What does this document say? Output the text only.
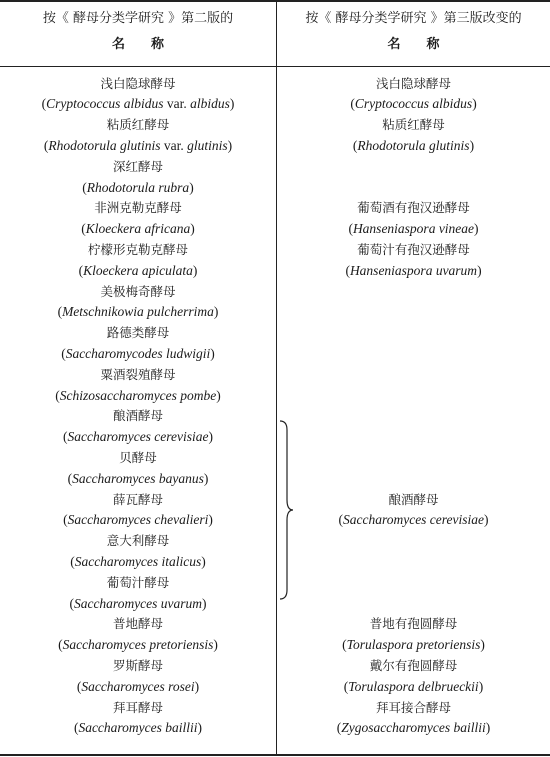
按《 酵母分类学研究 》第二版的
名　　称
按《 酵母分类学研究 》第三版改变的
名　　称
浅白隐球酵母
(Cryptococcus albidus var. albidus)
粘质红酵母
(Rhodotorula glutinis var. glutinis)
深红酵母
(Rhodotorula rubra)
非洲克勒克酵母
(Kloeckera africana)
柠檬形克勒克酵母
(Kloeckera apiculata)
美极梅奇酵母
(Metschnikowia pulcherrima)
路德类酵母
(Saccharomycodes ludwigii)
粟酒裂殖酵母
(Schizosaccharomyces pombe)
酿酒酵母
(Saccharomyces cerevisiae)
贝酵母
(Saccharomyces bayanus)
薛瓦酵母
(Saccharomyces chevalieri)
意大利酵母
(Saccharomyces italicus)
葡萄汁酵母
(Saccharomyces uvarum)
普地酵母
(Saccharomyces pretoriensis)
罗斯酵母
(Saccharomyces rosei)
拜耳酵母
(Saccharomyces baillii)
浅白隐球酵母
(Cryptococcus albidus)
粘质红酵母
(Rhodotorula glutinis)
葡萄酒有孢汉逊酵母
(Hanseniaspora vineae)
葡萄汁有孢汉逊酵母
(Hanseniaspora uvarum)
酿酒酵母
(Saccharomyces cerevisiae)
普地有孢圆酵母
(Torulaspora pretoriensis)
戴尔有孢圆酵母
(Torulaspora delbrueckii)
拜耳接合酵母
(Zygosaccharomyces baillii)
